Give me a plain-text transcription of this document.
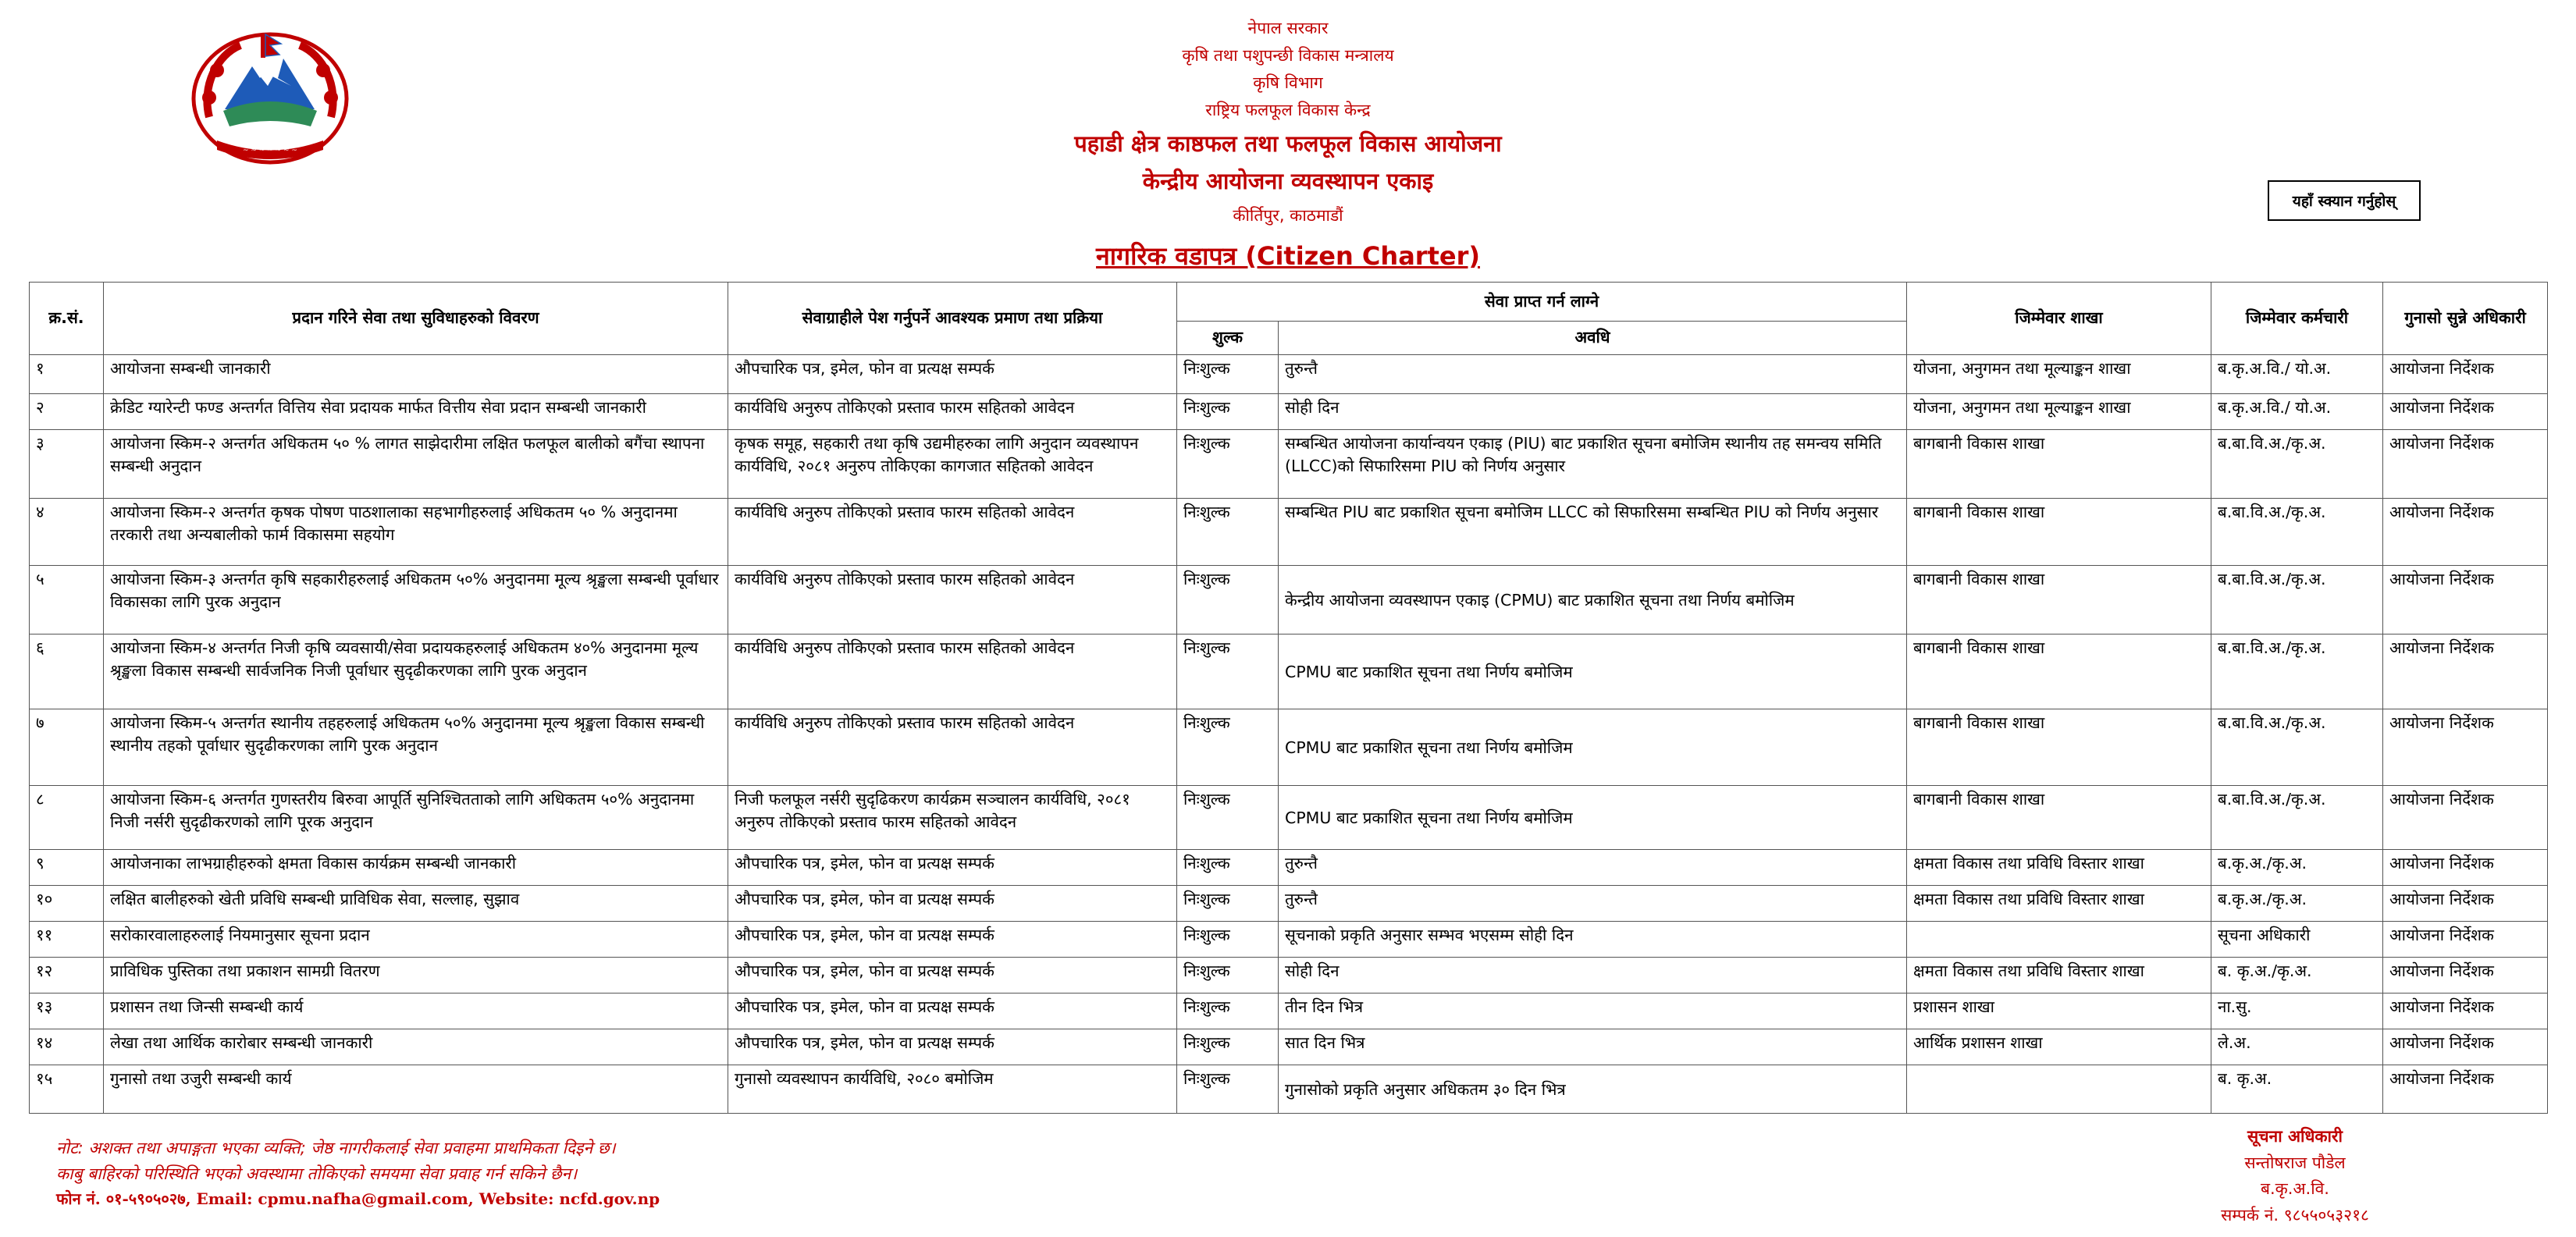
~ ~ ~ ~ ~ ~ ~
नेपाल सरकार
कृषि तथा पशुपन्छी विकास मन्त्रालय
कृषि विभाग
राष्ट्रिय फलफूल विकास केन्द्र
पहाडी क्षेत्र काष्ठफल तथा फलफूल विकास आयोजना
केन्द्रीय आयोजना व्यवस्थापन एकाइ
कीर्तिपुर, काठमाडौं
यहाँ स्क्यान गर्नुहोस्
नागरिक वडापत्र (Citizen Charter)
क्र.सं.	प्रदान गरिने सेवा तथा सुविधाहरुको विवरण	सेवाग्राहीले पेश गर्नुपर्ने आवश्यक प्रमाण तथा प्रक्रिया	सेवा प्राप्त गर्न लाग्ने		जिम्मेवार शाखा	जिम्मेवार कर्मचारी	गुनासो सुन्ने अधिकारी
			शुल्क	अवधि			
१	आयोजना सम्बन्धी जानकारी	औपचारिक पत्र, इमेल, फोन वा प्रत्यक्ष सम्पर्क	निःशुल्क	तुरुन्तै	योजना, अनुगमन तथा मूल्याङ्कन शाखा	ब.कृ.अ.वि./ यो.अ.	आयोजना निर्देशक
२	क्रेडिट ग्यारेन्टी फण्ड अन्तर्गत वित्तिय सेवा प्रदायक मार्फत वित्तीय सेवा प्रदान सम्बन्धी जानकारी	कार्यविधि अनुरुप तोकिएको प्रस्ताव फारम सहितको आवेदन	निःशुल्क	सोही दिन	योजना, अनुगमन तथा मूल्याङ्कन शाखा	ब.कृ.अ.वि./ यो.अ.	आयोजना निर्देशक
३	आयोजना स्किम-२ अन्तर्गत अधिकतम ५० % लागत साझेदारीमा लक्षित फलफूल बालीको बगैंचा स्थापना सम्बन्धी अनुदान	कृषक समूह, सहकारी तथा कृषि उद्यमीहरुका लागि अनुदान व्यवस्थापन कार्यविधि, २०८१ अनुरुप तोकिएका कागजात सहितको आवेदन	निःशुल्क	सम्बन्धित आयोजना कार्यान्वयन एकाइ (PIU) बाट प्रकाशित सूचना बमोजिम स्थानीय तह समन्वय समिति (LLCC)को सिफारिसमा PIU को निर्णय अनुसार	बागबानी विकास शाखा	ब.बा.वि.अ./कृ.अ.	आयोजना निर्देशक
४	आयोजना स्किम-२ अन्तर्गत कृषक पोषण पाठशालाका सहभागीहरुलाई अधिकतम ५० % अनुदानमा तरकारी तथा अन्यबालीको फार्म विकासमा सहयोग	कार्यविधि अनुरुप तोकिएको प्रस्ताव फारम सहितको आवेदन	निःशुल्क	सम्बन्धित PIU बाट प्रकाशित सूचना बमोजिम LLCC को सिफारिसमा सम्बन्धित PIU को निर्णय अनुसार	बागबानी विकास शाखा	ब.बा.वि.अ./कृ.अ.	आयोजना निर्देशक
५	आयोजना स्किम-३ अन्तर्गत कृषि सहकारीहरुलाई अधिकतम ५०% अनुदानमा मूल्य श्रृङ्खला सम्बन्धी पूर्वाधार विकासका लागि पुरक अनुदान	कार्यविधि अनुरुप तोकिएको प्रस्ताव फारम सहितको आवेदन	निःशुल्क	केन्द्रीय आयोजना व्यवस्थापन एकाइ (CPMU) बाट प्रकाशित सूचना तथा निर्णय बमोजिम	बागबानी विकास शाखा	ब.बा.वि.अ./कृ.अ.	आयोजना निर्देशक
६	आयोजना स्किम-४ अन्तर्गत निजी कृषि व्यवसायी/सेवा प्रदायकहरुलाई अधिकतम ४०% अनुदानमा मूल्य श्रृङ्खला विकास सम्बन्धी सार्वजनिक निजी पूर्वाधार सुदृढीकरणका लागि पुरक अनुदान	कार्यविधि अनुरुप तोकिएको प्रस्ताव फारम सहितको आवेदन	निःशुल्क	CPMU बाट प्रकाशित सूचना तथा निर्णय बमोजिम	बागबानी विकास शाखा	ब.बा.वि.अ./कृ.अ.	आयोजना निर्देशक
७	आयोजना स्किम-५ अन्तर्गत स्थानीय तहहरुलाई अधिकतम ५०% अनुदानमा मूल्य श्रृङ्खला विकास सम्बन्धी स्थानीय तहको पूर्वाधार सुदृढीकरणका लागि पुरक अनुदान	कार्यविधि अनुरुप तोकिएको प्रस्ताव फारम सहितको आवेदन	निःशुल्क	CPMU बाट प्रकाशित सूचना तथा निर्णय बमोजिम	बागबानी विकास शाखा	ब.बा.वि.अ./कृ.अ.	आयोजना निर्देशक
८	आयोजना स्किम-६ अन्तर्गत गुणस्तरीय बिरुवा आपूर्ति सुनिश्चितताको लागि अधिकतम ५०% अनुदानमा निजी नर्सरी सुदृढीकरणको लागि पूरक अनुदान	निजी फलफूल नर्सरी सुदृढिकरण कार्यक्रम सञ्चालन कार्यविधि, २०८१ अनुरुप तोकिएको प्रस्ताव फारम सहितको आवेदन	निःशुल्क	CPMU बाट प्रकाशित सूचना तथा निर्णय बमोजिम	बागबानी विकास शाखा	ब.बा.वि.अ./कृ.अ.	आयोजना निर्देशक
९	आयोजनाका लाभग्राहीहरुको क्षमता विकास कार्यक्रम सम्बन्धी जानकारी	औपचारिक पत्र, इमेल, फोन वा प्रत्यक्ष सम्पर्क	निःशुल्क	तुरुन्तै	क्षमता विकास तथा प्रविधि विस्तार शाखा	ब.कृ.अ./कृ.अ.	आयोजना निर्देशक
१०	लक्षित बालीहरुको खेती प्रविधि सम्बन्धी प्राविधिक सेवा, सल्लाह, सुझाव	औपचारिक पत्र, इमेल, फोन वा प्रत्यक्ष सम्पर्क	निःशुल्क	तुरुन्तै	क्षमता विकास तथा प्रविधि विस्तार शाखा	ब.कृ.अ./कृ.अ.	आयोजना निर्देशक
११	सरोकारवालाहरुलाई नियमानुसार सूचना प्रदान	औपचारिक पत्र, इमेल, फोन वा प्रत्यक्ष सम्पर्क	निःशुल्क	सूचनाको प्रकृति अनुसार सम्भव भएसम्म सोही दिन		सूचना अधिकारी	आयोजना निर्देशक
१२	प्राविधिक पुस्तिका तथा प्रकाशन सामग्री वितरण	औपचारिक पत्र, इमेल, फोन वा प्रत्यक्ष सम्पर्क	निःशुल्क	सोही दिन	क्षमता विकास तथा प्रविधि विस्तार शाखा	ब. कृ.अ./कृ.अ.	आयोजना निर्देशक
१३	प्रशासन तथा जिन्सी सम्बन्धी कार्य	औपचारिक पत्र, इमेल, फोन वा प्रत्यक्ष सम्पर्क	निःशुल्क	तीन दिन भित्र	प्रशासन शाखा	ना.सु.	आयोजना निर्देशक
१४	लेखा तथा आर्थिक कारोबार सम्बन्धी जानकारी	औपचारिक पत्र, इमेल, फोन वा प्रत्यक्ष सम्पर्क	निःशुल्क	सात दिन भित्र	आर्थिक प्रशासन शाखा	ले.अ.	आयोजना निर्देशक
१५	गुनासो तथा उजुरी सम्बन्धी कार्य	गुनासो व्यवस्थापन कार्यविधि, २०८० बमोजिम	निःशुल्क	गुनासोको प्रकृति अनुसार अधिकतम ३० दिन भित्र		ब. कृ.अ.	आयोजना निर्देशक
नोट: अशक्त तथा अपाङ्गता भएका व्यक्ति; जेष्ठ नागरीकलाई सेवा प्रवाहमा प्राथमिकता दिइने छ।
काबु बाहिरको परिस्थिति भएको अवस्थामा तोकिएको समयमा सेवा प्रवाह गर्न सकिने छैन।
फोन नं. ०१-५९०५०२७, Email: cpmu.nafha@gmail.com, Website: ncfd.gov.np
सूचना अधिकारी
सन्तोषराज पौडेल
ब.कृ.अ.वि.
सम्पर्क नं. ९८५५०५३२१८
